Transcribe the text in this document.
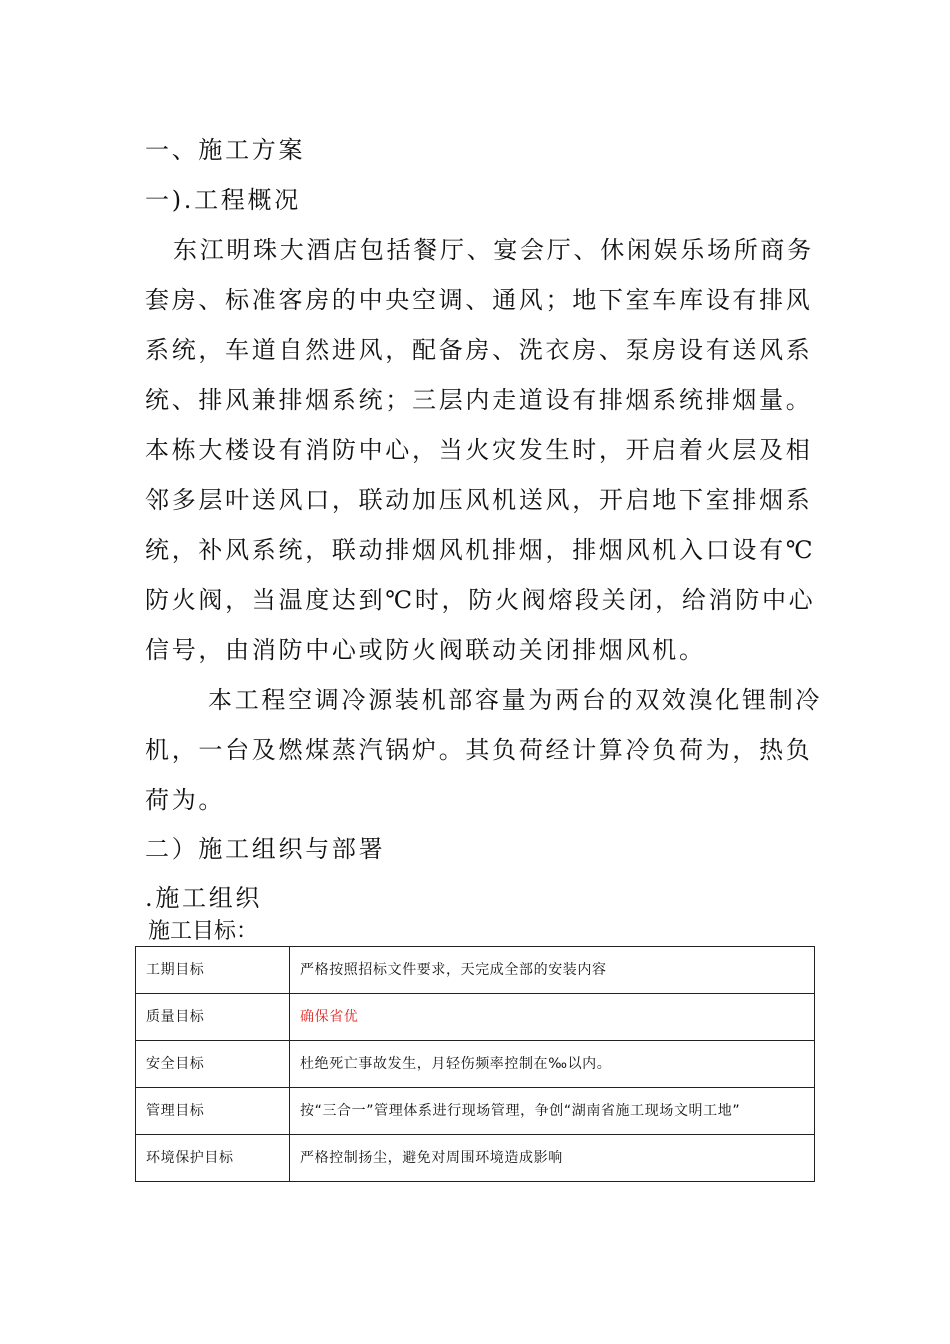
一、施工方案
一).工程概况
东江明珠大酒店包括餐厅、宴会厅、休闲娱乐场所商务
套房、标准客房的中央空调、通风；地下室车库设有排风
系统，车道自然进风，配备房、洗衣房、泵房设有送风系
统、排风兼排烟系统；三层内走道设有排烟系统排烟量。
本栋大楼设有消防中心，当火灾发生时，开启着火层及相
邻多层叶送风口，联动加压风机送风，开启地下室排烟系
统，补风系统，联动排烟风机排烟，排烟风机入口设有℃
防火阀，当温度达到℃时，防火阀熔段关闭，给消防中心
信号，由消防中心或防火阀联动关闭排烟风机。
本工程空调冷源装机部容量为两台的双效溴化锂制冷
机，一台及燃煤蒸汽锅炉。其负荷经计算冷负荷为，热负
荷为。
二）施工组织与部署
.施工组织
施工目标：
工期目标	严格按照招标文件要求，天完成全部的安装内容
质量目标	确保省优
安全目标	杜绝死亡事故发生，月轻伤频率控制在‰以内。
管理目标	按“三合一”管理体系进行现场管理，争创“湖南省施工现场文明工地”
环境保护目标	严格控制扬尘，避免对周围环境造成影响
